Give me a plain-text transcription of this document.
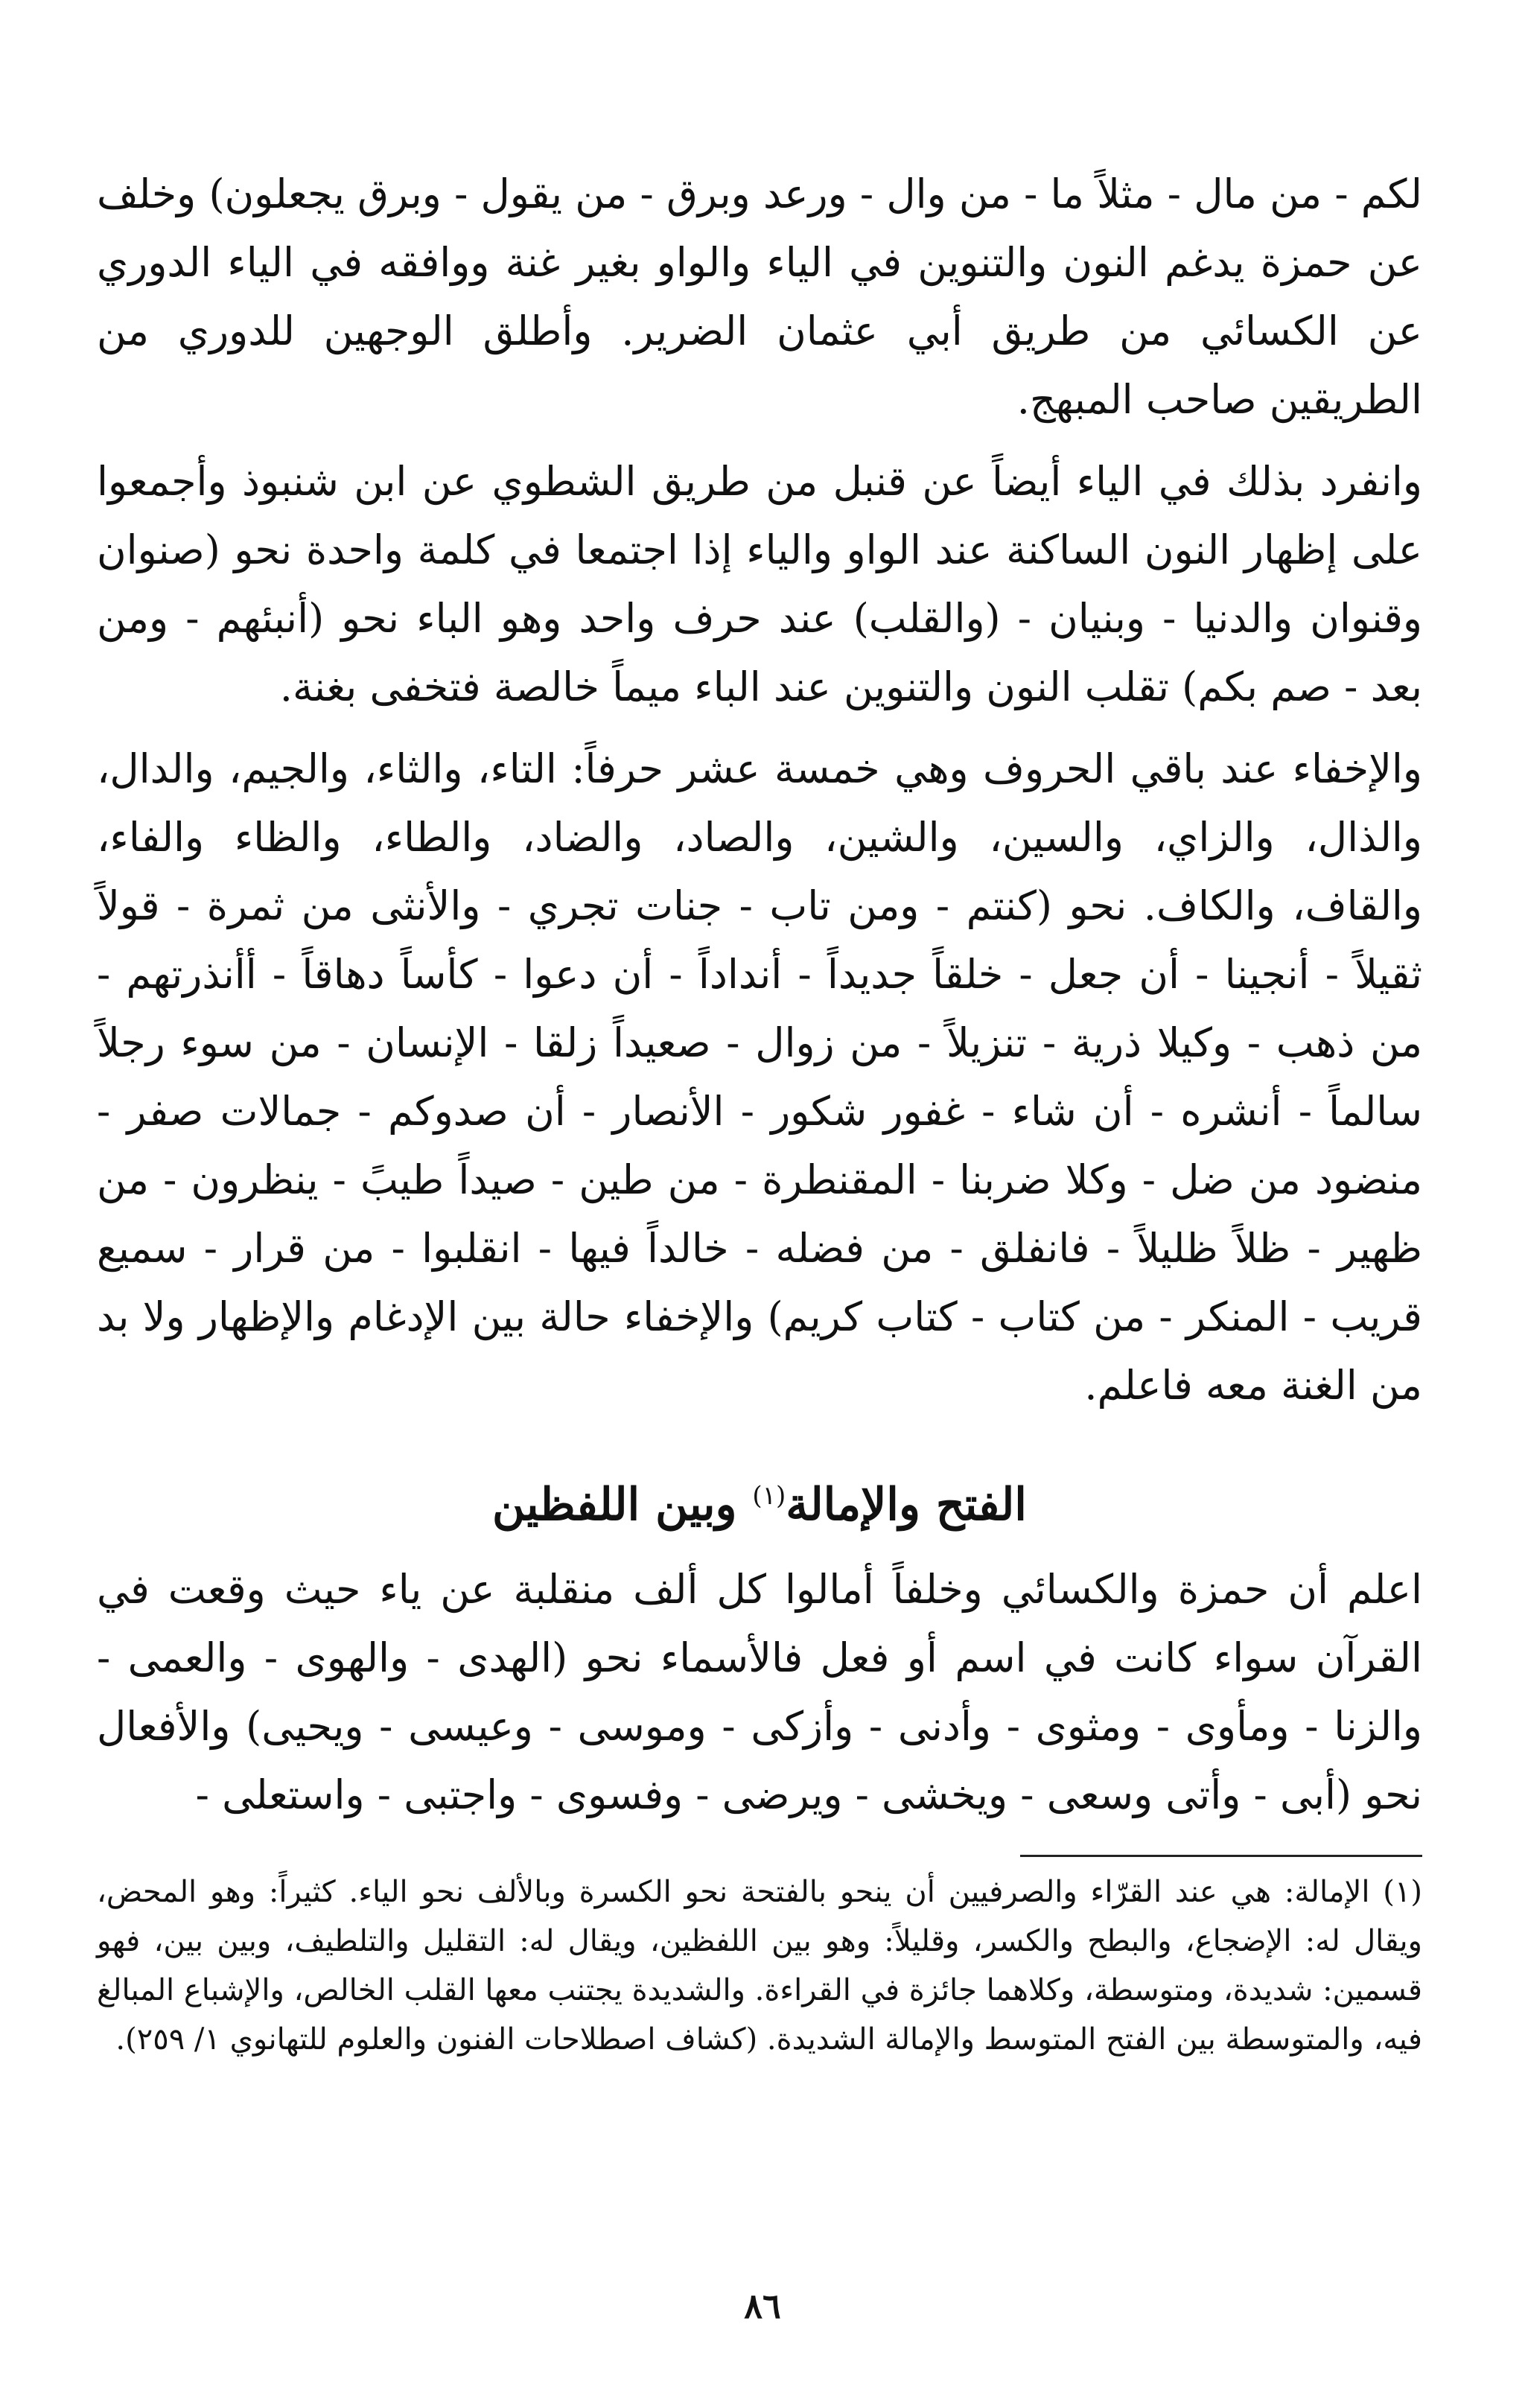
لكم - من مال - مثلاً ما - من وال - ورعد وبرق - من يقول - وبرق يجعلون) وخلف عن حمزة يدغم النون والتنوين في الياء والواو بغير غنة ووافقه في الياء الدوري عن الكسائي من طريق أبي عثمان الضرير. وأطلق الوجهين للدوري من الطريقين صاحب المبهج.

وانفرد بذلك في الياء أيضاً عن قنبل من طريق الشطوي عن ابن شنبوذ وأجمعوا على إظهار النون الساكنة عند الواو والياء إذا اجتمعا في كلمة واحدة نحو (صنوان وقنوان والدنيا - وبنيان - (والقلب) عند حرف واحد وهو الباء نحو (أنبئهم - ومن بعد - صم بكم) تقلب النون والتنوين عند الباء ميماً خالصة فتخفى بغنة.

والإخفاء عند باقي الحروف وهي خمسة عشر حرفاً: التاء، والثاء، والجيم، والدال، والذال، والزاي، والسين، والشين، والصاد، والضاد، والطاء، والظاء والفاء، والقاف، والكاف. نحو (كنتم - ومن تاب - جنات تجري - والأنثى من ثمرة - قولاً ثقيلاً - أنجينا - أن جعل - خلقاً جديداً - أنداداً - أن دعوا - كأساً دهاقاً - أأنذرتهم - من ذهب - وكيلا ذرية - تنزيلاً - من زوال - صعيداً زلقا - الإنسان - من سوء رجلاً سالماً - أنشره - أن شاء - غفور شكور - الأنصار - أن صدوكم - جمالات صفر - منضود من ضل - وكلا ضربنا - المقنطرة - من طين - صيداً طيبً - ينظرون - من ظهير - ظلاً ظليلاً - فانفلق - من فضله - خالداً فيها - انقلبوا - من قرار - سميع قريب - المنكر - من كتاب - كتاب كريم) والإخفاء حالة بين الإدغام والإظهار ولا بد من الغنة معه فاعلم.

الفتح والإمالة$^{(١)}$ وبين اللفظين

اعلم أن حمزة والكسائي وخلفاً أمالوا كل ألف منقلبة عن ياء حيث وقعت في القرآن سواء كانت في اسم أو فعل فالأسماء نحو (الهدى - والهوى - والعمى - والزنا - ومأوى - ومثوى - وأدنى - وأزكى - وموسى - وعيسى - ويحيى) والأفعال نحو (أبى - وأتى وسعى - ويخشى - ويرضى - وفسوى - واجتبى - واستعلى -

(١) الإمالة: هي عند القرّاء والصرفيين أن ينحو بالفتحة نحو الكسرة وبالألف نحو الياء. كثيراً: وهو المحض، ويقال له: الإضجاع، والبطح والكسر، وقليلاً: وهو بين اللفظين، ويقال له: التقليل والتلطيف، وبين بين، فهو قسمين: شديدة، ومتوسطة، وكلاهما جائزة في القراءة. والشديدة يجتنب معها القلب الخالص، والإشباع المبالغ فيه، والمتوسطة بين الفتح المتوسط والإمالة الشديدة. (كشاف اصطلاحات الفنون والعلوم للتهانوي ١/ ٢٥٩).

٨٦
